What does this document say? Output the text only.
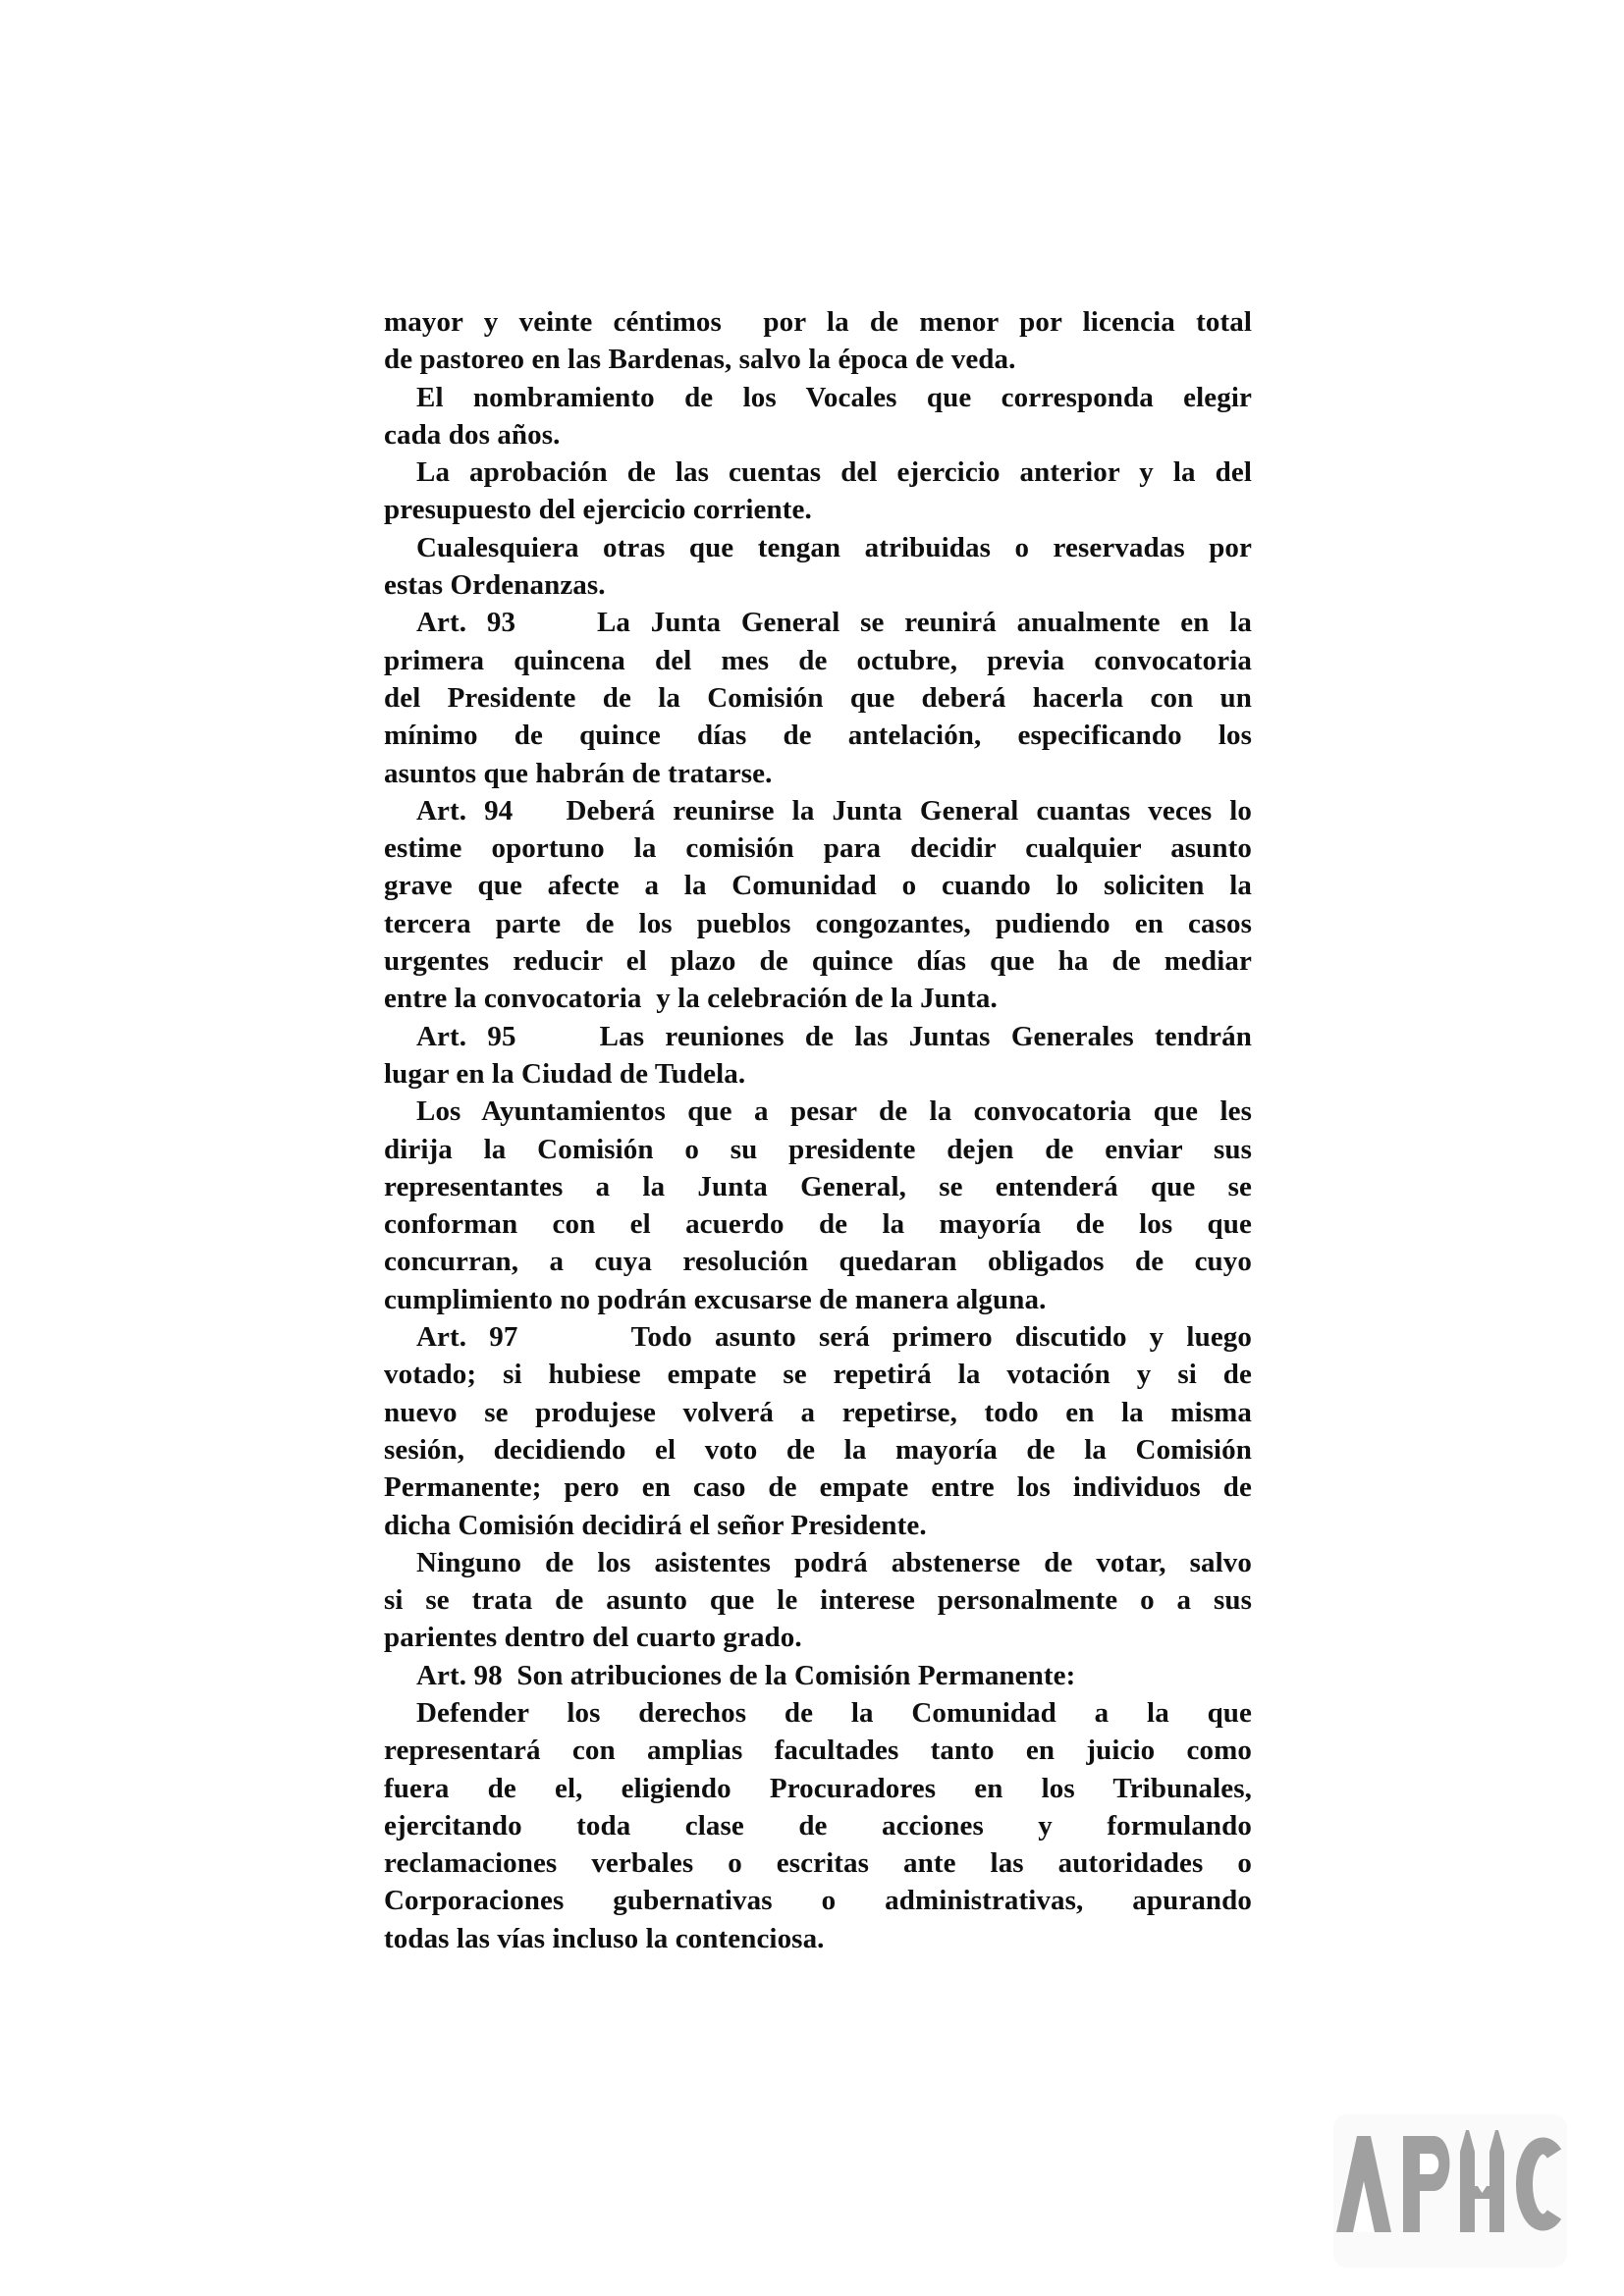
mayor y veinte céntimos  por la de menor por licencia total
de pastoreo en las Bardenas, salvo la época de veda.
El nombramiento de los Vocales que corresponda elegir
cada dos años.
La aprobación de las cuentas del ejercicio anterior y la del
presupuesto del ejercicio corriente.
Cualesquiera otras que tengan atribuidas o reservadas por
estas Ordenanzas.
Art. 93    La Junta General se reunirá anualmente en la
primera quincena del mes de octubre, previa convocatoria
del Presidente de la Comisión que deberá hacerla con un
mínimo de quince días de antelación, especificando los
asuntos que habrán de tratarse.
Art. 94   Deberá reunirse la Junta General cuantas veces lo
estime oportuno la comisión para decidir cualquier asunto
grave que afecte a la Comunidad o cuando lo soliciten la
tercera parte de los pueblos congozantes, pudiendo en casos
urgentes reducir el plazo de quince días que ha de mediar
entre la convocatoria  y la celebración de la Junta.
Art. 95    Las reuniones de las Juntas Generales tendrán
lugar en la Ciudad de Tudela.
Los Ayuntamientos que a pesar de la convocatoria que les
dirija la Comisión o su presidente dejen de enviar sus
representantes a la Junta General, se entenderá que se
conforman con el acuerdo de la mayoría de los que
concurran, a cuya resolución quedaran obligados de cuyo
cumplimiento no podrán excusarse de manera alguna.
Art. 97     Todo asunto será primero discutido y luego
votado; si hubiese empate se repetirá la votación y si de
nuevo se produjese volverá a repetirse, todo en la misma
sesión, decidiendo el voto de la mayoría de la Comisión
Permanente; pero en caso de empate entre los individuos de
dicha Comisión decidirá el señor Presidente.
Ninguno de los asistentes podrá abstenerse de votar, salvo
si se trata de asunto que le interese personalmente o a sus
parientes dentro del cuarto grado.
Art. 98  Son atribuciones de la Comisión Permanente:
Defender los derechos de la Comunidad a la que
representará con amplias facultades tanto en juicio como
fuera de el, eligiendo Procuradores en los Tribunales,
ejercitando toda clase de acciones y formulando
reclamaciones verbales o escritas ante las autoridades o
Corporaciones gubernativas o administrativas, apurando
todas las vías incluso la contenciosa.
